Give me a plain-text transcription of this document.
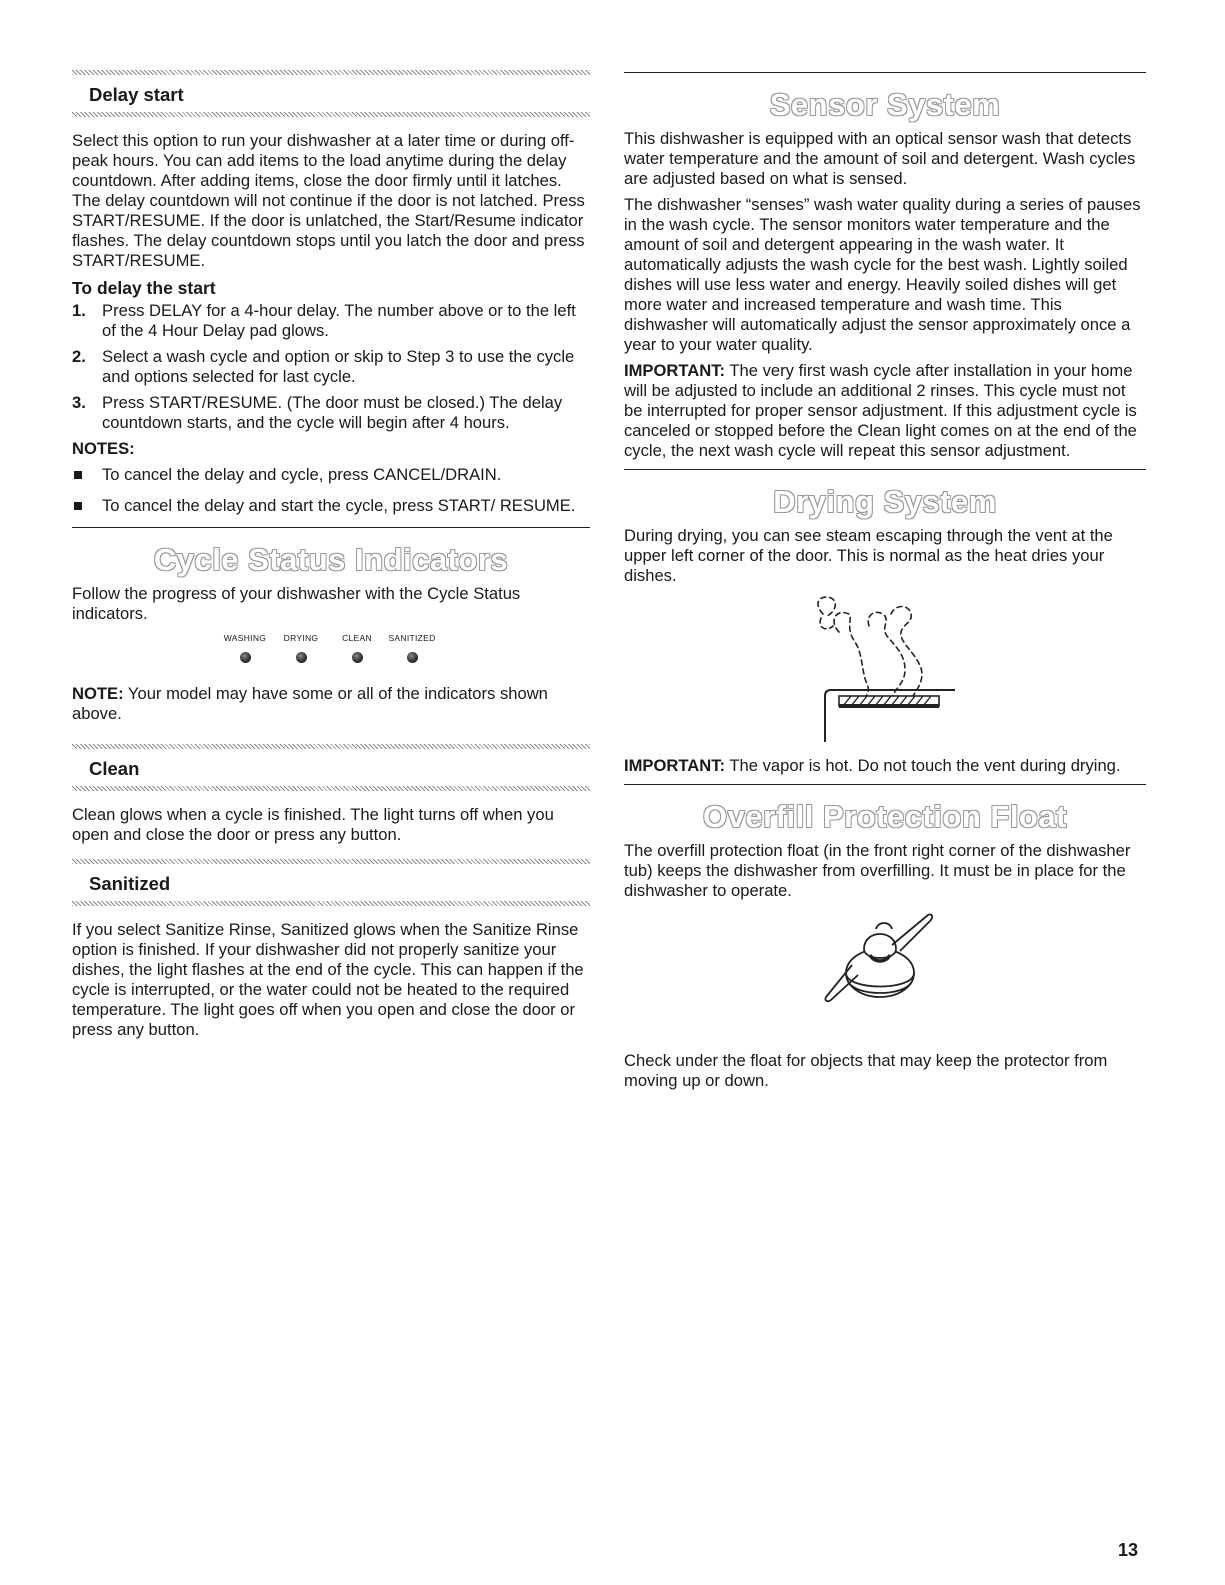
Delay start

Select this option to run your dishwasher at a later time or during off-peak hours. You can add items to the load anytime during the delay countdown. After adding items, close the door firmly until it latches. The delay countdown will not continue if the door is not latched. Press START/RESUME. If the door is unlatched, the Start/Resume indicator flashes. The delay countdown stops until you latch the door and press START/RESUME.

To delay the start
1. Press DELAY for a 4-hour delay. The number above or to the left of the 4 Hour Delay pad glows.
2. Select a wash cycle and option or skip to Step 3 to use the cycle and options selected for last cycle.
3. Press START/RESUME. (The door must be closed.) The delay countdown starts, and the cycle will begin after 4 hours.
NOTES:
To cancel the delay and cycle, press CANCEL/DRAIN.
To cancel the delay and start the cycle, press START/ RESUME.
Cycle Status Indicators

Follow the progress of your dishwasher with the Cycle Status indicators.

WASHING	DRYING	CLEAN	SANITIZED

NOTE: Your model may have some or all of the indicators shown above.

Clean

Clean glows when a cycle is finished. The light turns off when you open and close the door or press any button.

Sanitized

If you select Sanitize Rinse, Sanitized glows when the Sanitize Rinse option is finished. If your dishwasher did not properly sanitize your dishes, the light flashes at the end of the cycle. This can happen if the cycle is interrupted, or the water could not be heated to the required temperature. The light goes off when you open and close the door or press any button.

Sensor System

This dishwasher is equipped with an optical sensor wash that detects water temperature and the amount of soil and detergent. Wash cycles are adjusted based on what is sensed.

The dishwasher “senses” wash water quality during a series of pauses in the wash cycle. The sensor monitors water temperature and the amount of soil and detergent appearing in the wash water. It automatically adjusts the wash cycle for the best wash. Lightly soiled dishes will use less water and energy. Heavily soiled dishes will get more water and increased temperature and wash time. This dishwasher will automatically adjust the sensor approximately once a year to your water quality.

IMPORTANT: The very first wash cycle after installation in your home will be adjusted to include an additional 2 rinses. This cycle must not be interrupted for proper sensor adjustment. If this adjustment cycle is canceled or stopped before the Clean light comes on at the end of the cycle, the next wash cycle will repeat this sensor adjustment.

Drying System

During drying, you can see steam escaping through the vent at the upper left corner of the door. This is normal as the heat dries your dishes.

IMPORTANT: The vapor is hot. Do not touch the vent during drying.

Overfill Protection Float

The overfill protection float (in the front right corner of the dishwasher tub) keeps the dishwasher from overfilling. It must be in place for the dishwasher to operate.

Check under the float for objects that may keep the protector from moving up or down.

13
